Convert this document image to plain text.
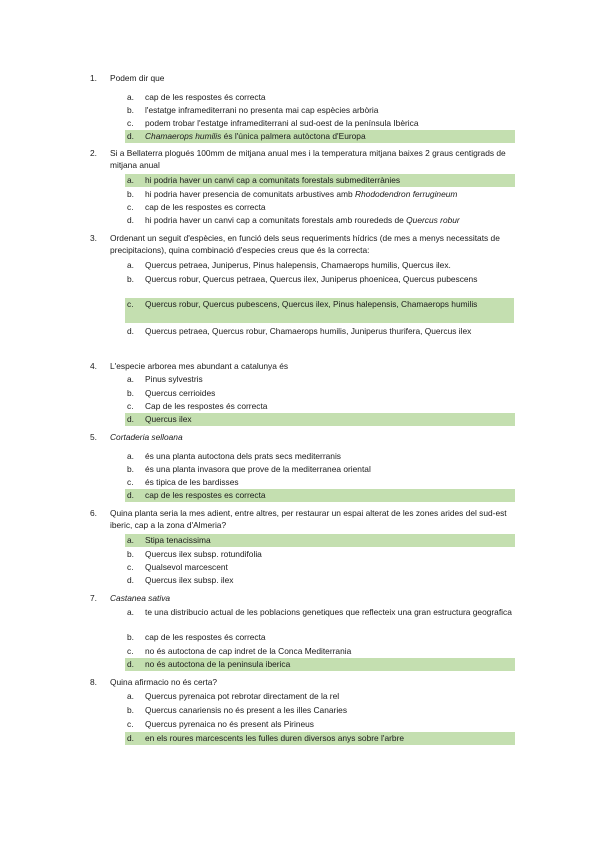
1.	Podem dir que
a.	cap de les respostes és correcta
b.	l'estatge inframediterrani no presenta mai cap espècies arbòria
c.	podem trobar l'estatge inframediterrani al sud-oest de la península Ibèrica
d.	Chamaerops humilis és l'única palmera autòctona d'Europa
2.	Si a Bellaterra plogués 100mm de mitjana anual mes i la temperatura mitjana baixes 2 graus centigrads de mitjana anual
a.	hi podria haver un canvi cap a comunitats forestals submediterrànies
b.	hi podria haver presencia de comunitats arbustives amb Rhododendron ferrugineum
c.	cap de les respostes es correcta
d.	hi podria haver un canvi cap a comunitats forestals amb rourededs de Quercus robur
3.	Ordenant un seguit d'espècies, en funció dels seus requeriments hídrics (de mes a menys necessitats de precipitacions), quina combinació d'especies creus que és la correcta:
a.	Quercus petraea, Juniperus, Pinus halepensis, Chamaerops humilis, Quercus ilex.
b.	Quercus robur, Quercus petraea, Quercus ilex, Juniperus phoenicea, Quercus pubescens
c.	Quercus robur, Quercus pubescens, Quercus ilex, Pinus halepensis, Chamaerops humilis
d.	Quercus petraea, Quercus robur, Chamaerops humilis, Juniperus thurifera, Quercus ilex
4.	L'especie arborea mes abundant a catalunya és
a.	Pinus sylvestris
b.	Quercus cerrioides
c.	Cap de les respostes és correcta
d.	Quercus ilex
5.	Cortaderia selloana
a.	és una planta autoctona dels prats secs mediterranis
b.	és una planta invasora que prove de la mediterranea oriental
c.	és tipica de les bardisses
d.	cap de les respostes es correcta
6.	Quina planta seria la mes adient, entre altres, per restaurar un espai alterat de les zones arides del sud-est iberic, cap a la zona d'Almeria?
a.	Stipa tenacissima
b.	Quercus ilex subsp. rotundifolia
c.	Qualsevol marcescent
d.	Quercus ilex subsp. ilex
7.	Castanea sativa
a.	te una distribucio actual de les poblacions genetiques que reflecteix una gran estructura geografica
b.	cap de les respostes és correcta
c.	no és autoctona de cap indret de la Conca Mediterrania
d.	no és autoctona de la peninsula iberica
8.	Quina afirmacio no és certa?
a.	Quercus pyrenaica pot rebrotar directament de la rel
b.	Quercus canariensis no és present a les illes Canaries
c.	Quercus pyrenaica no és present als Pirineus
d.	en els roures marcescents les fulles duren diversos anys sobre l'arbre
